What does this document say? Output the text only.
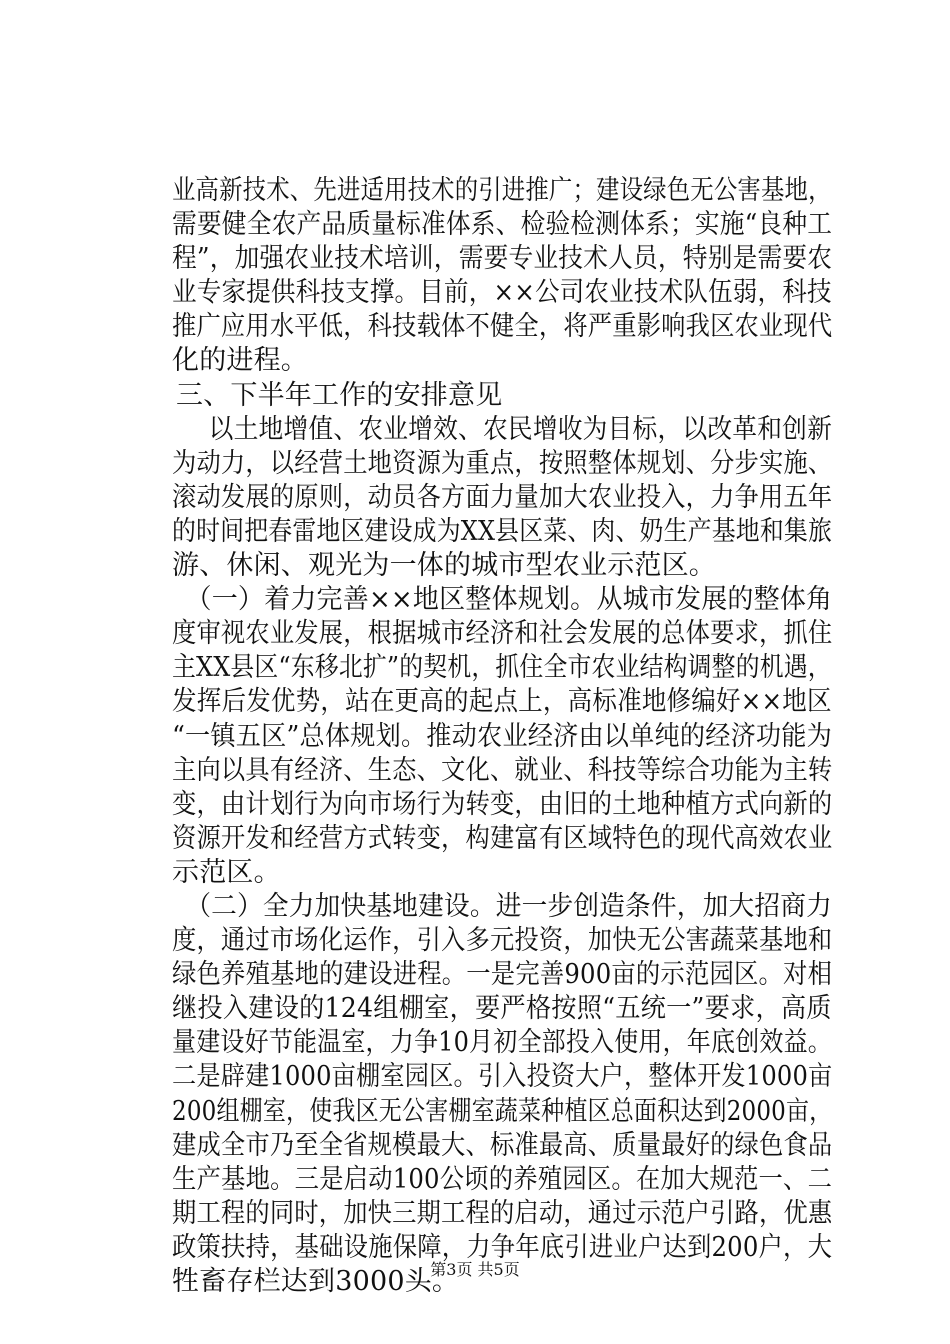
业高新技术、先进适用技术的引进推广；建设绿色无公害基地，
需要健全农产品质量标准体系、检验检测体系；实施“良种工
程”，加强农业技术培训，需要专业技术人员，特别是需要农
业专家提供科技支撑。目前，××公司农业技术队伍弱，科技
推广应用水平低，科技载体不健全，将严重影响我区农业现代
化的进程。
三、下半年工作的安排意见
以土地增值、农业增效、农民增收为目标，以改革和创新
为动力，以经营土地资源为重点，按照整体规划、分步实施、
滚动发展的原则，动员各方面力量加大农业投入，力争用五年
的时间把春雷地区建设成为XX县区菜、肉、奶生产基地和集旅
游、休闲、观光为一体的城市型农业示范区。
（一）着力完善××地区整体规划。从城市发展的整体角
度审视农业发展，根据城市经济和社会发展的总体要求，抓住
主XX县区“东移北扩”的契机，抓住全市农业结构调整的机遇，
发挥后发优势，站在更高的起点上，高标准地修编好××地区
“一镇五区”总体规划。推动农业经济由以单纯的经济功能为
主向以具有经济、生态、文化、就业、科技等综合功能为主转
变，由计划行为向市场行为转变，由旧的土地种植方式向新的
资源开发和经营方式转变，构建富有区域特色的现代高效农业
示范区。
（二）全力加快基地建设。进一步创造条件，加大招商力
度，通过市场化运作，引入多元投资，加快无公害蔬菜基地和
绿色养殖基地的建设进程。一是完善900亩的示范园区。对相
继投入建设的124组棚室，要严格按照“五统一”要求，高质
量建设好节能温室，力争10月初全部投入使用，年底创效益。
二是辟建1000亩棚室园区。引入投资大户，整体开发1000亩
200组棚室，使我区无公害棚室蔬菜种植区总面积达到2000亩，
建成全市乃至全省规模最大、标准最高、质量最好的绿色食品
生产基地。三是启动100公顷的养殖园区。在加大规范一、二
期工程的同时，加快三期工程的启动，通过示范户引路，优惠
政策扶持，基础设施保障，力争年底引进业户达到200户，大
牲畜存栏达到3000头。
第3页 共5页
